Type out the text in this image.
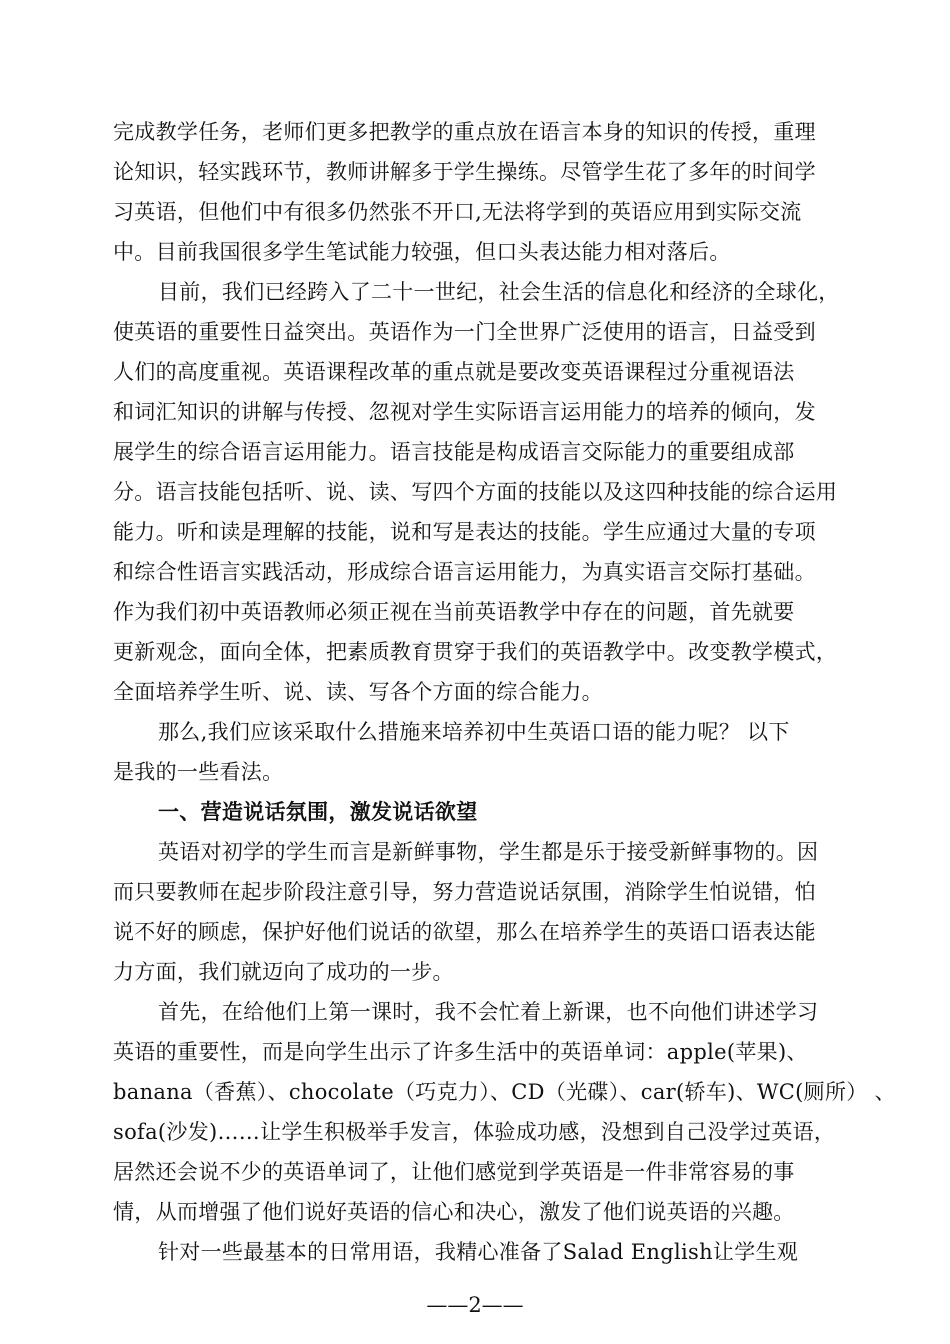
完成教学任务，老师们更多把教学的重点放在语言本身的知识的传授，重理
论知识，轻实践环节，教师讲解多于学生操练。尽管学生花了多年的时间学
习英语，但他们中有很多仍然张不开口,无法将学到的英语应用到实际交流
中。目前我国很多学生笔试能力较强，但口头表达能力相对落后。
目前，我们已经跨入了二十一世纪，社会生活的信息化和经济的全球化，
使英语的重要性日益突出。英语作为一门全世界广泛使用的语言，日益受到
人们的高度重视。英语课程改革的重点就是要改变英语课程过分重视语法
和词汇知识的讲解与传授、忽视对学生实际语言运用能力的培养的倾向，发
展学生的综合语言运用能力。语言技能是构成语言交际能力的重要组成部
分。语言技能包括听、说、读、写四个方面的技能以及这四种技能的综合运用
能力。听和读是理解的技能，说和写是表达的技能。学生应通过大量的专项
和综合性语言实践活动，形成综合语言运用能力，为真实语言交际打基础。
作为我们初中英语教师必须正视在当前英语教学中存在的问题，首先就要
更新观念，面向全体，把素质教育贯穿于我们的英语教学中。改变教学模式，
全面培养学生听、说、读、写各个方面的综合能力。
那么,我们应该采取什么措施来培养初中生英语口语的能力呢？ 以下
是我的一些看法。
一、营造说话氛围，激发说话欲望
英语对初学的学生而言是新鲜事物，学生都是乐于接受新鲜事物的。因
而只要教师在起步阶段注意引导，努力营造说话氛围，消除学生怕说错，怕
说不好的顾虑，保护好他们说话的欲望，那么在培养学生的英语口语表达能
力方面，我们就迈向了成功的一步。
首先，在给他们上第一课时，我不会忙着上新课，也不向他们讲述学习
英语的重要性，而是向学生出示了许多生活中的英语单词：apple(苹果)、
banana（香蕉）、chocolate（巧克力）、CD（光碟）、car(轿车)、WC(厕所） 、
sofa(沙发)……让学生积极举手发言，体验成功感，没想到自己没学过英语，
居然还会说不少的英语单词了，让他们感觉到学英语是一件非常容易的事
情，从而增强了他们说好英语的信心和决心，激发了他们说英语的兴趣。
针对一些最基本的日常用语，我精心准备了Salad English让学生观
——2——
